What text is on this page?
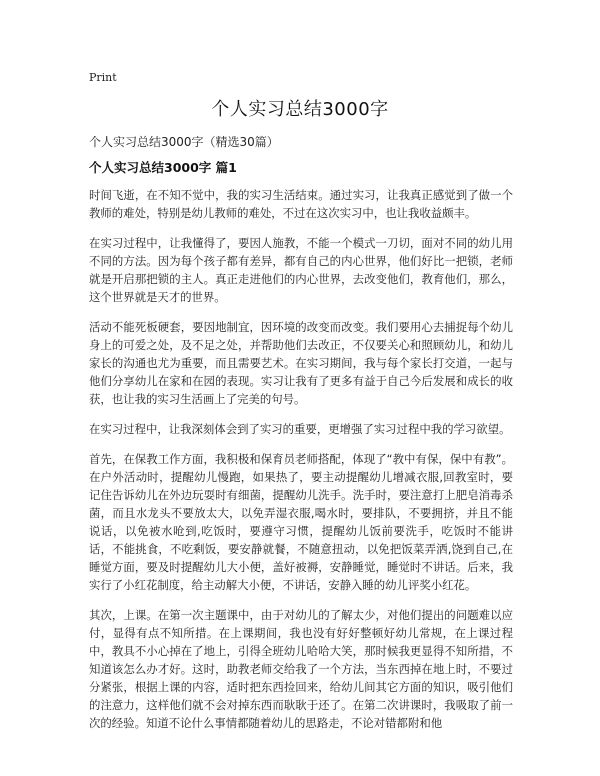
Print
个人实习总结3000字

个人实习总结3000字（精选30篇）

个人实习总结3000字 篇1

时间飞逝，在不知不觉中，我的实习生活结束。通过实习，让我真正感觉到了做一个教师的难处，特别是幼儿教师的难处，不过在这次实习中，也让我收益颇丰。

在实习过程中，让我懂得了，要因人施教，不能一个模式一刀切，面对不同的幼儿用不同的方法。因为每个孩子都有差异，都有自己的内心世界，他们好比一把锁，老师就是开启那把锁的主人。真正走进他们的内心世界，去改变他们，教育他们，那么，这个世界就是天才的世界。

活动不能死板硬套，要因地制宜，因环境的改变而改变。我们要用心去捕捉每个幼儿身上的可爱之处，及不足之处，并帮助他们去改正，不仅要关心和照顾幼儿，和幼儿家长的沟通也尤为重要，而且需要艺术。在实习期间，我与每个家长打交道，一起与他们分享幼儿在家和在园的表现。实习让我有了更多有益于自己今后发展和成长的收获，也让我的实习生活画上了完美的句号。

在实习过程中，让我深刻体会到了实习的重要，更增强了实习过程中我的学习欲望。

首先，在保教工作方面，我积极和保育员老师搭配，体现了“教中有保，保中有教”。在户外活动时，提醒幼儿慢跑，如果热了，要主动提醒幼儿增减衣服,回教室时，要记住告诉幼儿在外边玩耍时有细菌，提醒幼儿洗手。洗手时，要注意打上肥皂消毒杀菌，而且水龙头不要放太大，以免弄湿衣服,喝水时，要排队，不要拥挤，并且不能说话，以免被水呛到,吃饭时，要遵守习惯，提醒幼儿饭前要洗手，吃饭时不能讲话，不能挑食，不吃剩饭，要安静就餐，不随意扭动，以免把饭菜弄洒,饶到自己,在睡觉方面，要及时提醒幼儿大小便，盖好被褥，安静睡觉，睡觉时不讲话。后来，我实行了小红花制度，给主动解大小便，不讲话，安静入睡的幼儿评奖小红花。

其次，上课。在第一次主题课中，由于对幼儿的了解太少，对他们提出的问题难以应付，显得有点不知所措。在上课期间，我也没有好好整顿好幼儿常规，在上课过程中，教具不小心掉在了地上，引得全班幼儿哈哈大笑，那时候我更显得不知所措，不知道该怎么办才好。这时，助教老师交给我了一个方法，当东西掉在地上时，不要过分紧张，根据上课的内容，适时把东西捡回来，给幼儿间其它方面的知识，吸引他们的注意力，这样他们就不会对掉东西而耿耿于还了。在第二次讲课时，我吸取了前一次的经验。知道不论什么事情都随着幼儿的思路走，不论对错都附和他
